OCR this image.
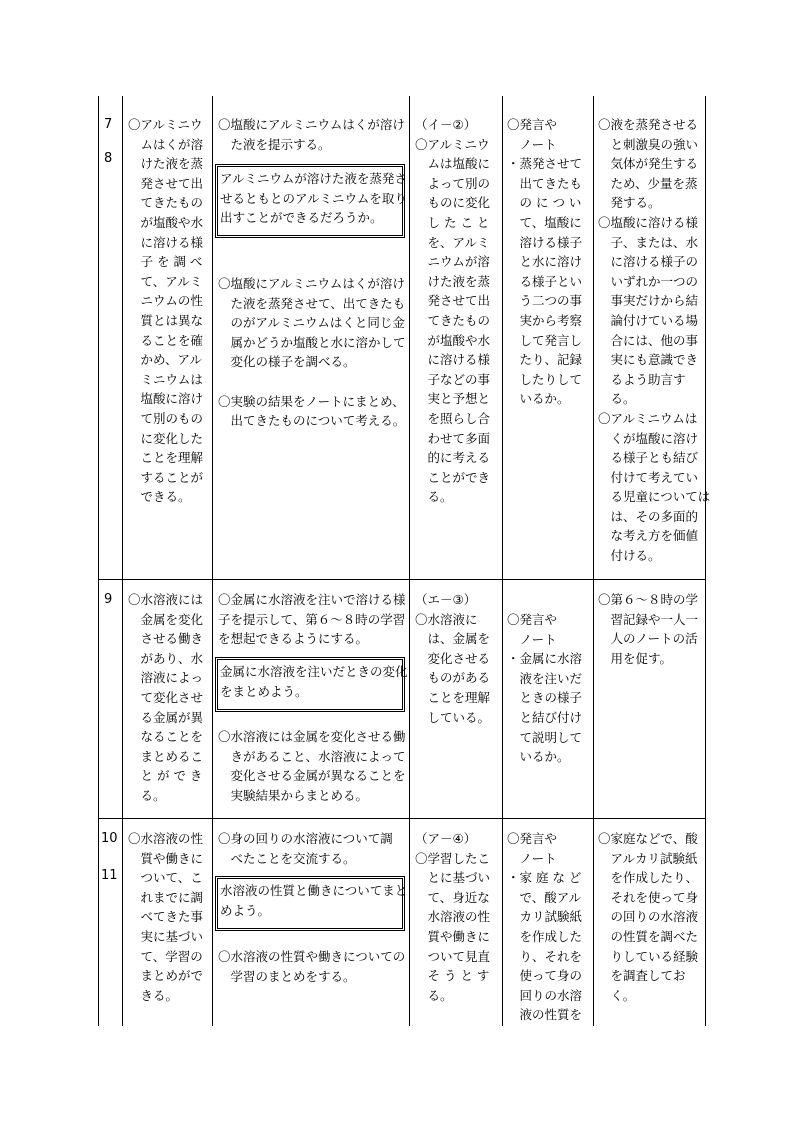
7
8
〇アルミニウ
　ムはくが溶
　けた液を蒸
　発させて出
　てきたもの
　が塩酸や水
　に溶ける様
　子 を 調 べ
　て、アルミ
　ニウムの性
　質とは異な
　ることを確
　かめ、アル
　ミニウムは
　塩酸に溶け
　て別のもの
　に変化した
　ことを理解
　することが
　できる。
〇塩酸にアルミニウムはくが溶け
　た液を提示する。
アルミニウムが溶けた液を蒸発さ
せるともとのアルミニウムを取り
出すことができるだろうか。
〇塩酸にアルミニウムはくが溶け
　た液を蒸発させて、出てきたも
　のがアルミニウムはくと同じ金
　属かどうか塩酸と水に溶かして
　変化の様子を調べる。

〇実験の結果をノートにまとめ、
　出てきたものについて考える。
（イ－②）
〇アルミニウ
　ムは塩酸に
　よって別の
　ものに変化
　し た こ と
　を、アルミ
　ニウムが溶
　けた液を蒸
　発させて出
　てきたもの
　が塩酸や水
　に溶ける様
　子などの事
　実と予想と
　を照らし合
　わせて多面
　的に考える
　ことができ
　る。
〇発言や
　ノート
・蒸発させて
　出てきたも
　の に つ い
　て、塩酸に
　溶ける様子
　と水に溶け
　る様子とい
　う二つの事
　実から考察
　して発言し
　たり、記録
　したりして
　いるか。
〇液を蒸発させる
　と刺激臭の強い
　気体が発生する
　ため、少量を蒸
　発する。
〇塩酸に溶ける様
　子、または、水
　に溶ける様子の
　いずれか一つの
　事実だけから結
　論付けている場
　合には、他の事
　実にも意識でき
　るよう助言す
　る。
〇アルミニウムは
　くが塩酸に溶け
　る様子とも結び
　付けて考えてい
　る児童については
　は、その多面的
　な考え方を価値
　付ける。
9 〇水溶液には
　金属を変化
　させる働き
　があり、水
　溶液によっ
　て変化させ
　る金属が異
　なることを
　まとめるこ
　と が で き
　る。
〇金属に水溶液を注いで溶ける様
子を提示して、第６～８時の学習
を想起できるようにする。
金属に水溶液を注いだときの変化
をまとめよう。
〇水溶液には金属を変化させる働
　きがあること、水溶液によって
　変化させる金属が異なることを
　実験結果からまとめる。
（エ－③）
〇水溶液に
　は、金属を
　変化させる
　ものがある
　ことを理解
　している。
〇発言や
　ノート
・金属に水溶
　液を注いだ
　ときの様子
　と結び付け
　て説明して
　いるか。
〇第６～８時の学
　習記録や一人一
　人のノートの活
　用を促す。
10
11
〇水溶液の性
　質や働きに
　ついて、こ
　れまでに調
　べてきた事
　実に基づい
　て、学習の
　まとめがで
　きる。
〇身の回りの水溶液について調
　べたことを交流する。
水溶液の性質と働きについてまと
めよう。
〇水溶液の性質や働きについての
　学習のまとめをする。
（ア－④）
〇学習したこ
　とに基づい
　て、身近な
　水溶液の性
　質や働きに
　ついて見直
　そ う と す
　る。
〇発言や
　ノート
・家 庭 な ど
　で、酸アル
　カリ試験紙
　を作成した
　り、それを
　使って身の
　回りの水溶
　液の性質を
〇家庭などで、酸
　アルカリ試験紙
　を作成したり、
　それを使って身
　の回りの水溶液
　の性質を調べた
　りしている経験
　を調査してお
　く。
